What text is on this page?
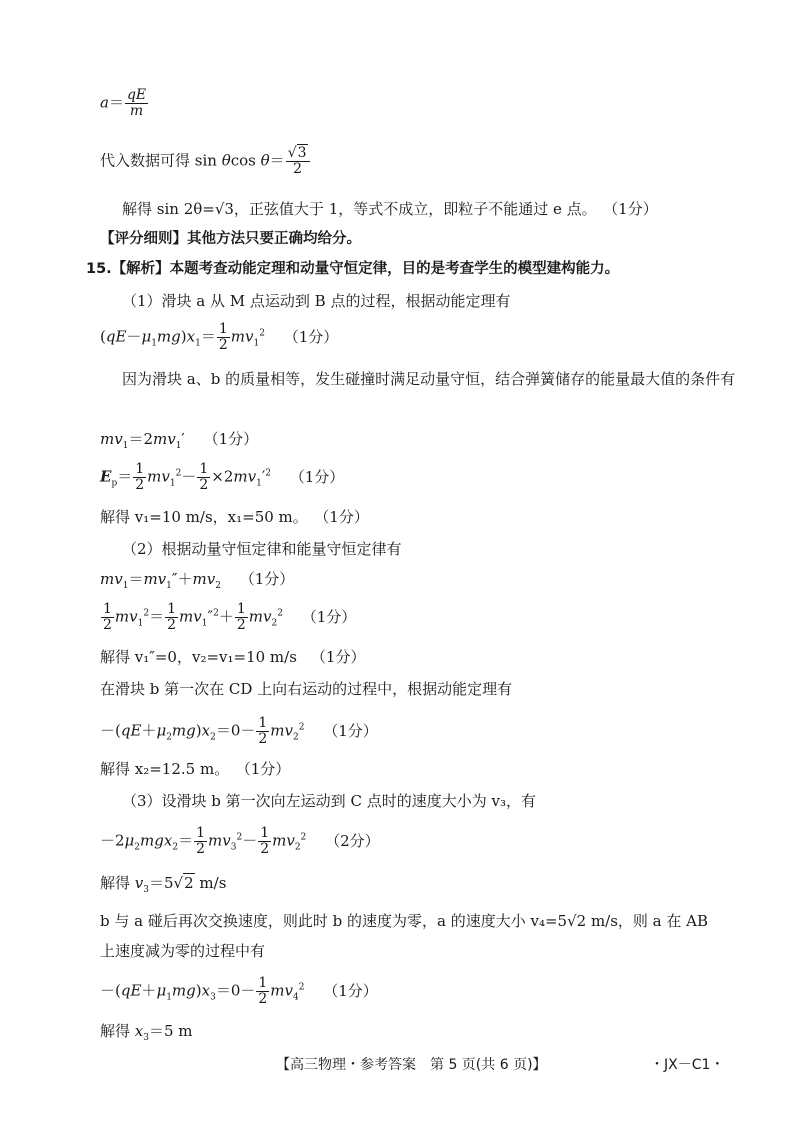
$a= \frac{qE}{m}$
代入数据可得 sin θcos $\theta= \frac{√3}{2}$
解得 sin 2θ=√3，正弦值大于 1，等式不成立，即粒子不能通过 e 点。 （1分）
【评分细则】其他方法只要正确均给分。
15.【解析】本题考查动能定理和动量守恒定律，目的是考查学生的模型建构能力。
（1）滑块 a 从 M 点运动到 B 点的过程，根据动能定理有
$(qE-\mu_1mg)x_1= \frac{1}{2} mv_1^2$ （1分）
因为滑块 a、b 的质量相等，发生碰撞时满足动量守恒，结合弹簧储存的能量最大值的条件有
$mv_1=2mv_1'$ （1分）
$E_p= \frac{1}{2} mv_1^2- \frac{1}{2} \times 2mv_1'^2$ （1分）
解得 v₁=10 m/s，x₁=50 m。 （1分）
（2）根据动量守恒定律和能量守恒定律有
$mv_1=mv_1''+mv_2$ （1分）
$\frac{1}{2} mv_1^2= \frac{1}{2} mv_1''^2+ \frac{1}{2} mv_2^2$ （1分）
解得 v₁″=0，v₂=v₁=10 m/s （1分）
在滑块 b 第一次在 CD 上向右运动的过程中，根据动能定理有
$-(qE+\mu_2mg)x_2=0- \frac{1}{2} mv_2^2$ （1分）
解得 x₂=12.5 m。 （1分）
（3）设滑块 b 第一次向左运动到 C 点时的速度大小为 v₃，有
$-2\mu_2mgx_2= \frac{1}{2} mv_3^2- \frac{1}{2} mv_2^2$ （2分）
解得 $v_3=5√2$ m/s
b 与 a 碰后再次交换速度，则此时 b 的速度为零，a 的速度大小 v₄=5√2 m/s，则 a 在 AB 上速度减为零的过程中有
$-(qE+\mu_1mg)x_3=0- \frac{1}{2} mv_4^2$ （1分）
解得 $x_3=5$ m
【高三物理・参考答案　第 5 页(共 6 页)】	・JX－C1・
